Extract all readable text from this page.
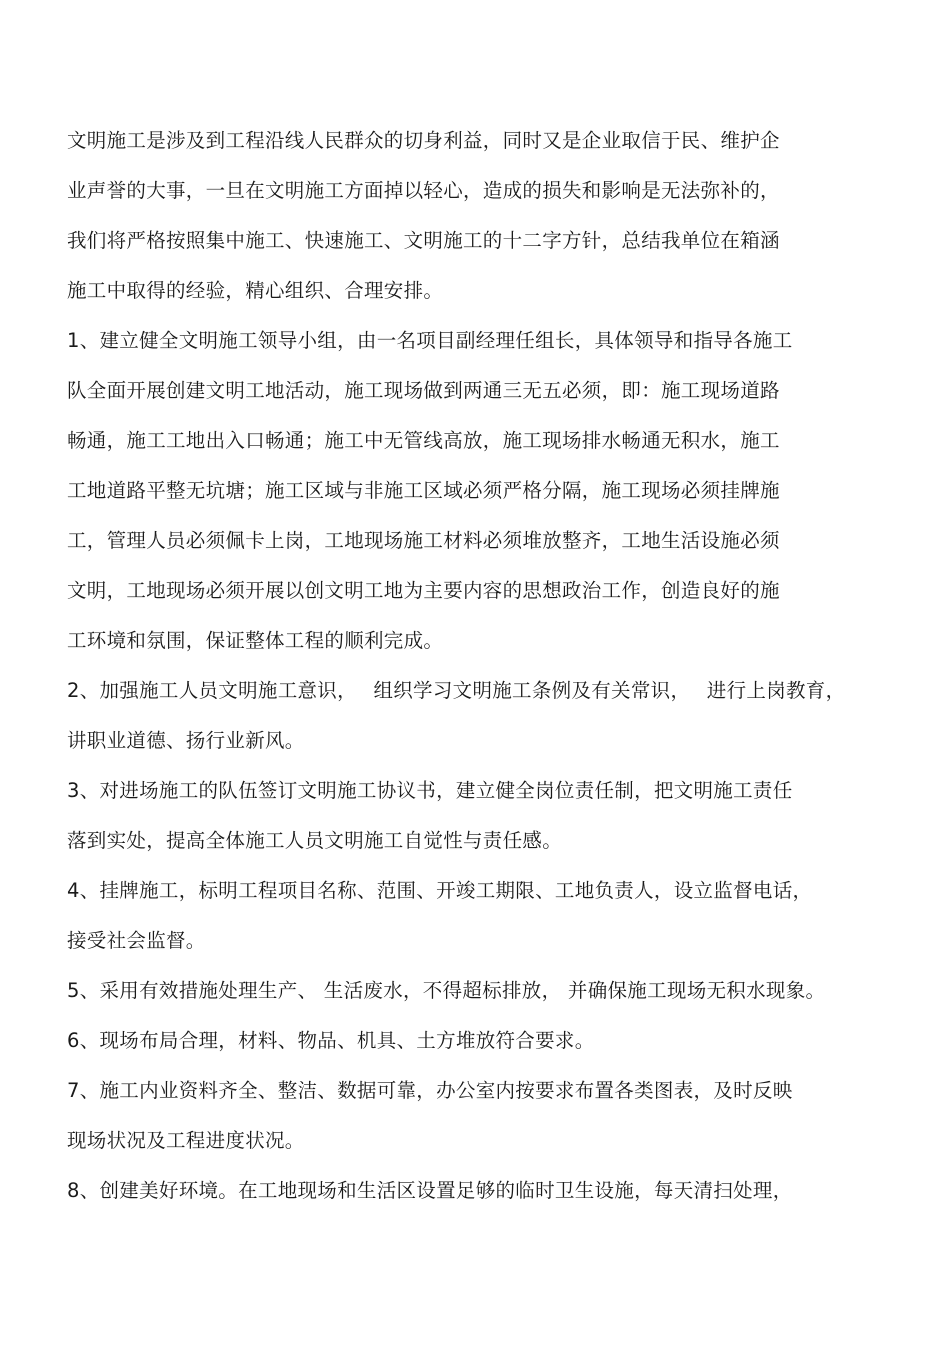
文明施工是涉及到工程沿线人民群众的切身利益，同时又是企业取信于民、维护企
业声誉的大事，一旦在文明施工方面掉以轻心，造成的损失和影响是无法弥补的，
我们将严格按照集中施工、快速施工、文明施工的十二字方针，总结我单位在箱涵
施工中取得的经验，精心组织、合理安排。
1、建立健全文明施工领导小组，由一名项目副经理任组长，具体领导和指导各施工
队全面开展创建文明工地活动，施工现场做到两通三无五必须，即：施工现场道路
畅通，施工工地出入口畅通；施工中无管线高放，施工现场排水畅通无积水，施工
工地道路平整无坑塘；施工区域与非施工区域必须严格分隔，施工现场必须挂牌施
工，管理人员必须佩卡上岗，工地现场施工材料必须堆放整齐，工地生活设施必须
文明，工地现场必须开展以创文明工地为主要内容的思想政治工作，创造良好的施
工环境和氛围，保证整体工程的顺利完成。
2、加强施工人员文明施工意识，　 组织学习文明施工条例及有关常识，　 进行上岗教育，
讲职业道德、扬行业新风。
3、对进场施工的队伍签订文明施工协议书，建立健全岗位责任制，把文明施工责任
落到实处，提高全体施工人员文明施工自觉性与责任感。
4、挂牌施工，标明工程项目名称、范围、开竣工期限、工地负责人，设立监督电话，
接受社会监督。
5、采用有效措施处理生产、 生活废水，不得超标排放， 并确保施工现场无积水现象。
6、现场布局合理，材料、物品、机具、土方堆放符合要求。
7、施工内业资料齐全、整洁、数据可靠，办公室内按要求布置各类图表，及时反映
现场状况及工程进度状况。
8、创建美好环境。在工地现场和生活区设置足够的临时卫生设施，每天清扫处理，
